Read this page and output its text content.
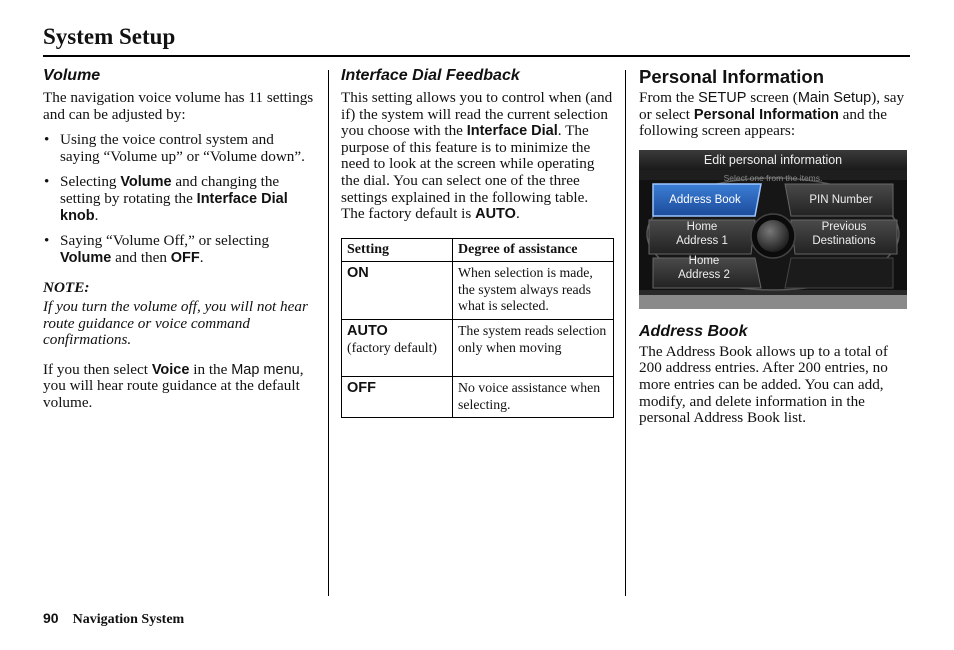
System Setup
Volume

The navigation voice volume has 11 settings and can be adjusted by:

• Using the voice control system and saying “Volume up” or “Volume down”.
• Selecting Volume and changing the setting by rotating the Interface Dial knob.
• Saying “Volume Off,” or selecting Volume and then OFF.

NOTE:

If you turn the volume off, you will not hear route guidance or voice command confirmations.

If you then select Voice in the Map menu, you will hear route guidance at the default volume.

Interface Dial Feedback

This setting allows you to control when (and if) the system will read the current selection you choose with the Interface Dial. The purpose of this feature is to minimize the need to look at the screen while operating the dial. You can select one of the three settings explained in the following table. The factory default is AUTO.

Setting	Degree of assistance
ON	When selection is made, the system always reads what is selected.
AUTO
(factory default)	The system reads selection only when moving
OFF	No voice assistance when selecting.
Personal Information

From the SETUP screen (Main Setup), say or select Personal Information and the following screen appears:

Edit personal information
Select one from the items.
Address Book	PIN Number
Home
Address 1
Previous
Destinations
Home
Address 2
Address Book

The Address Book allows up to a total of 200 address entries. After 200 entries, no more entries can be added. You can add, modify, and delete information in the personal Address Book list.

90 Navigation System
